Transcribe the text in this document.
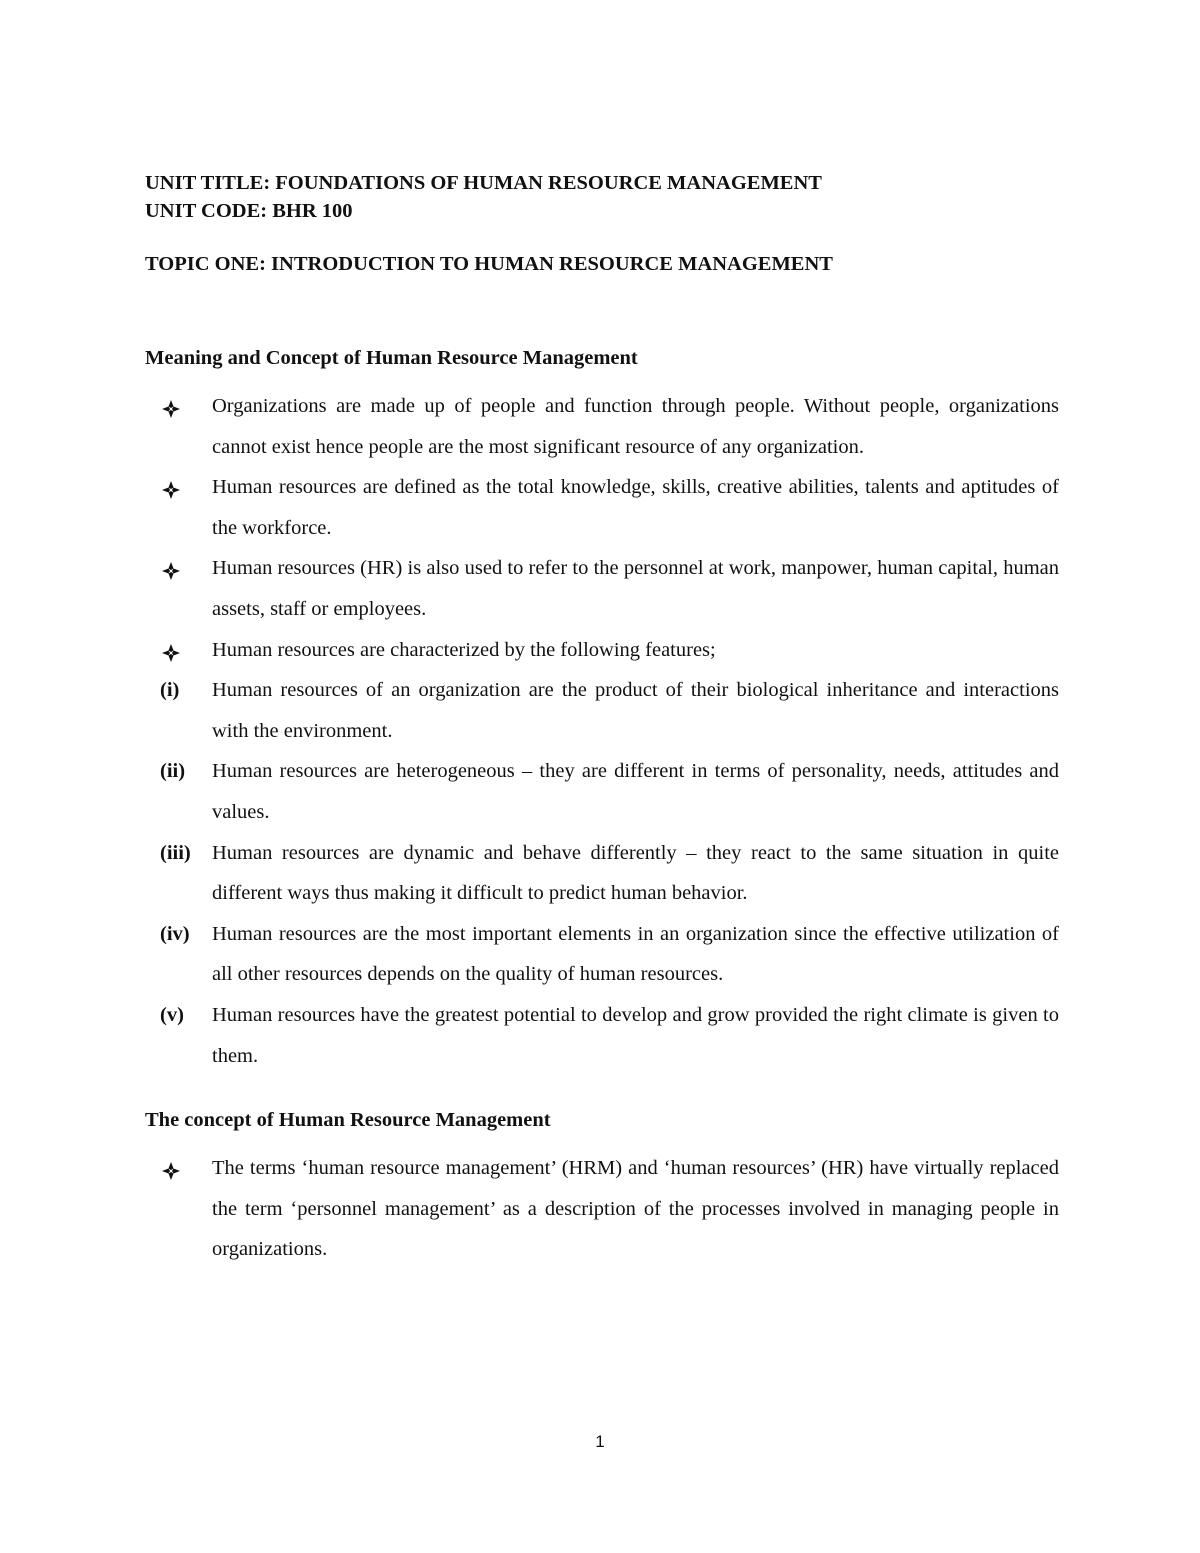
UNIT TITLE: FOUNDATIONS OF HUMAN RESOURCE MANAGEMENT

UNIT CODE: BHR 100

TOPIC ONE: INTRODUCTION TO HUMAN RESOURCE MANAGEMENT

Meaning and Concept of Human Resource Management

Organizations are made up of people and function through people. Without people, organizations cannot exist hence people are the most significant resource of any organization.
Human resources are defined as the total knowledge, skills, creative abilities, talents and aptitudes of the workforce.
Human resources (HR) is also used to refer to the personnel at work, manpower, human capital, human assets, staff or employees.
Human resources are characterized by the following features;
(i) Human resources of an organization are the product of their biological inheritance and interactions with the environment.
(ii) Human resources are heterogeneous – they are different in terms of personality, needs, attitudes and values.
(iii) Human resources are dynamic and behave differently – they react to the same situation in quite different ways thus making it difficult to predict human behavior.
(iv) Human resources are the most important elements in an organization since the effective utilization of all other resources depends on the quality of human resources.
(v) Human resources have the greatest potential to develop and grow provided the right climate is given to them.

The concept of Human Resource Management

The terms ‘human resource management’ (HRM) and ‘human resources’ (HR) have virtually replaced the term ‘personnel management’ as a description of the processes involved in managing people in organizations.
1
